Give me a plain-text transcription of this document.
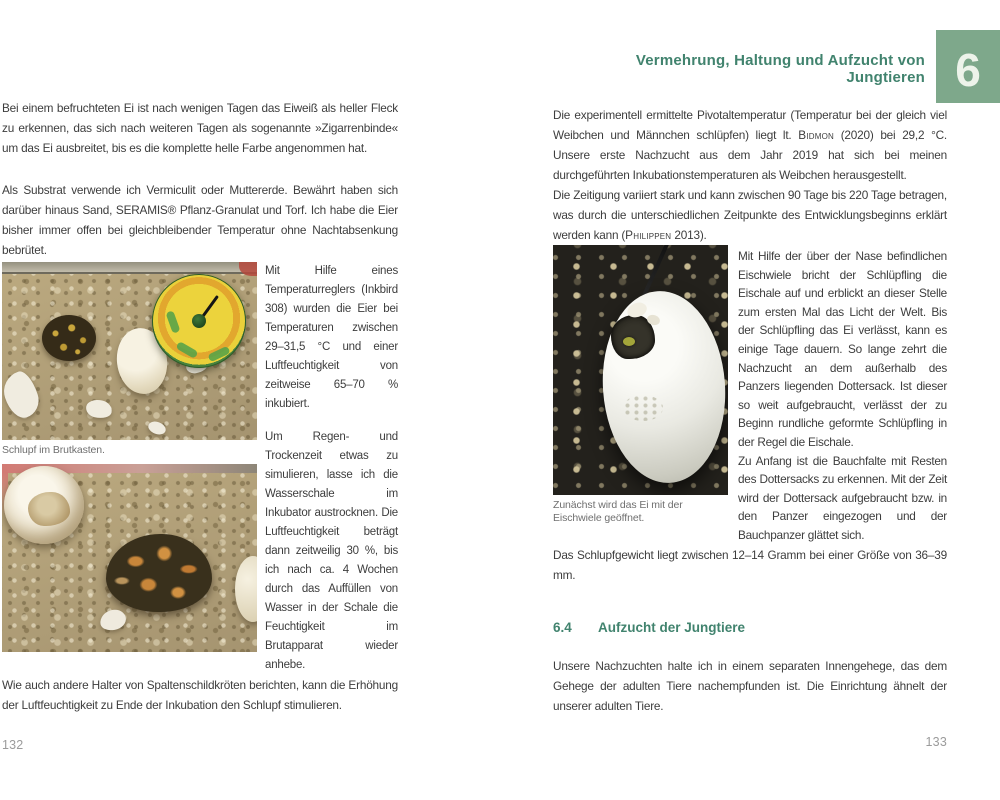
Bei einem befruchteten Ei ist nach wenigen Tagen das Eiweiß als heller Fleck zu erkennen, das sich nach weiteren Tagen als sogenannte »Zigarrenbinde« um das Ei ausbreitet, bis es die komplette helle Farbe angenommen hat.

Als Substrat verwende ich Vermiculit oder Muttererde. Bewährt haben sich darüber hinaus Sand, SERAMIS® Pflanz-Granulat und Torf. Ich habe die Eier bisher immer offen bei gleichbleibender Temperatur ohne Nachtabsenkung bebrütet.

Schlupf im Brutkasten.

Mit Hilfe eines Temperaturreglers (Inkbird 308) wurden die Eier bei Temperaturen zwischen 29–31,5 °C und einer Luftfeuchtigkeit von zeitweise 65–70 % inkubiert.

Um Regen- und Trockenzeit etwas zu simulieren, lasse ich die Wasserschale im Inkubator austrocknen. Die Luftfeuchtigkeit beträgt dann zeitweilig 30 %, bis ich nach ca. 4 Wochen durch das Auffüllen von Wasser in der Schale die Feuchtigkeit im Brutapparat wieder anhebe.

Wie auch andere Halter von Spaltenschildkröten berichten, kann die Erhöhung der Luftfeuchtigkeit zu Ende der Inkubation den Schlupf stimulieren.

132
Vermehrung, Haltung und Aufzucht von Jungtieren

Die experimentell ermittelte Pivotaltemperatur (Temperatur bei der gleich viel Weibchen und Männchen schlüpfen) liegt lt. Bidmon (2020) bei 29,2 °C. Unsere erste Nachzucht aus dem Jahr 2019 hat sich bei meinen durchgeführten Inkubationstemperaturen als Weibchen herausgestellt.

Die Zeitigung variiert stark und kann zwischen 90 Tage bis 220 Tage betragen, was durch die unterschiedlichen Zeitpunkte des Entwicklungsbeginns erklärt werden kann (Philippen 2013).

Zunächst wird das Ei mit der Eischwiele geöffnet.

Mit Hilfe der über der Nase befindlichen Eischwiele bricht der Schlüpfling die Eischale auf und erblickt an dieser Stelle zum ersten Mal das Licht der Welt. Bis der Schlüpfling das Ei verlässt, kann es einige Tage dauern. So lange zehrt die Nachzucht an dem außerhalb des Panzers liegenden Dottersack. Ist dieser so weit aufgebraucht, verlässt der zu Beginn rundliche geformte Schlüpfling in der Regel die Eischale.

Zu Anfang ist die Bauchfalte mit Resten des Dottersacks zu erkennen. Mit der Zeit wird der Dottersack aufgebraucht bzw. in den Panzer eingezogen und der Bauchpanzer glättet sich.

Das Schlupfgewicht liegt zwischen 12–14 Gramm bei einer Größe von 36–39 mm.

6.4	Aufzucht der Jungtiere

Unsere Nachzuchten halte ich in einem separaten Innengehege, das dem Gehege der adulten Tiere nachempfunden ist. Die Einrichtung ähnelt der unserer adulten Tiere.

133
6
